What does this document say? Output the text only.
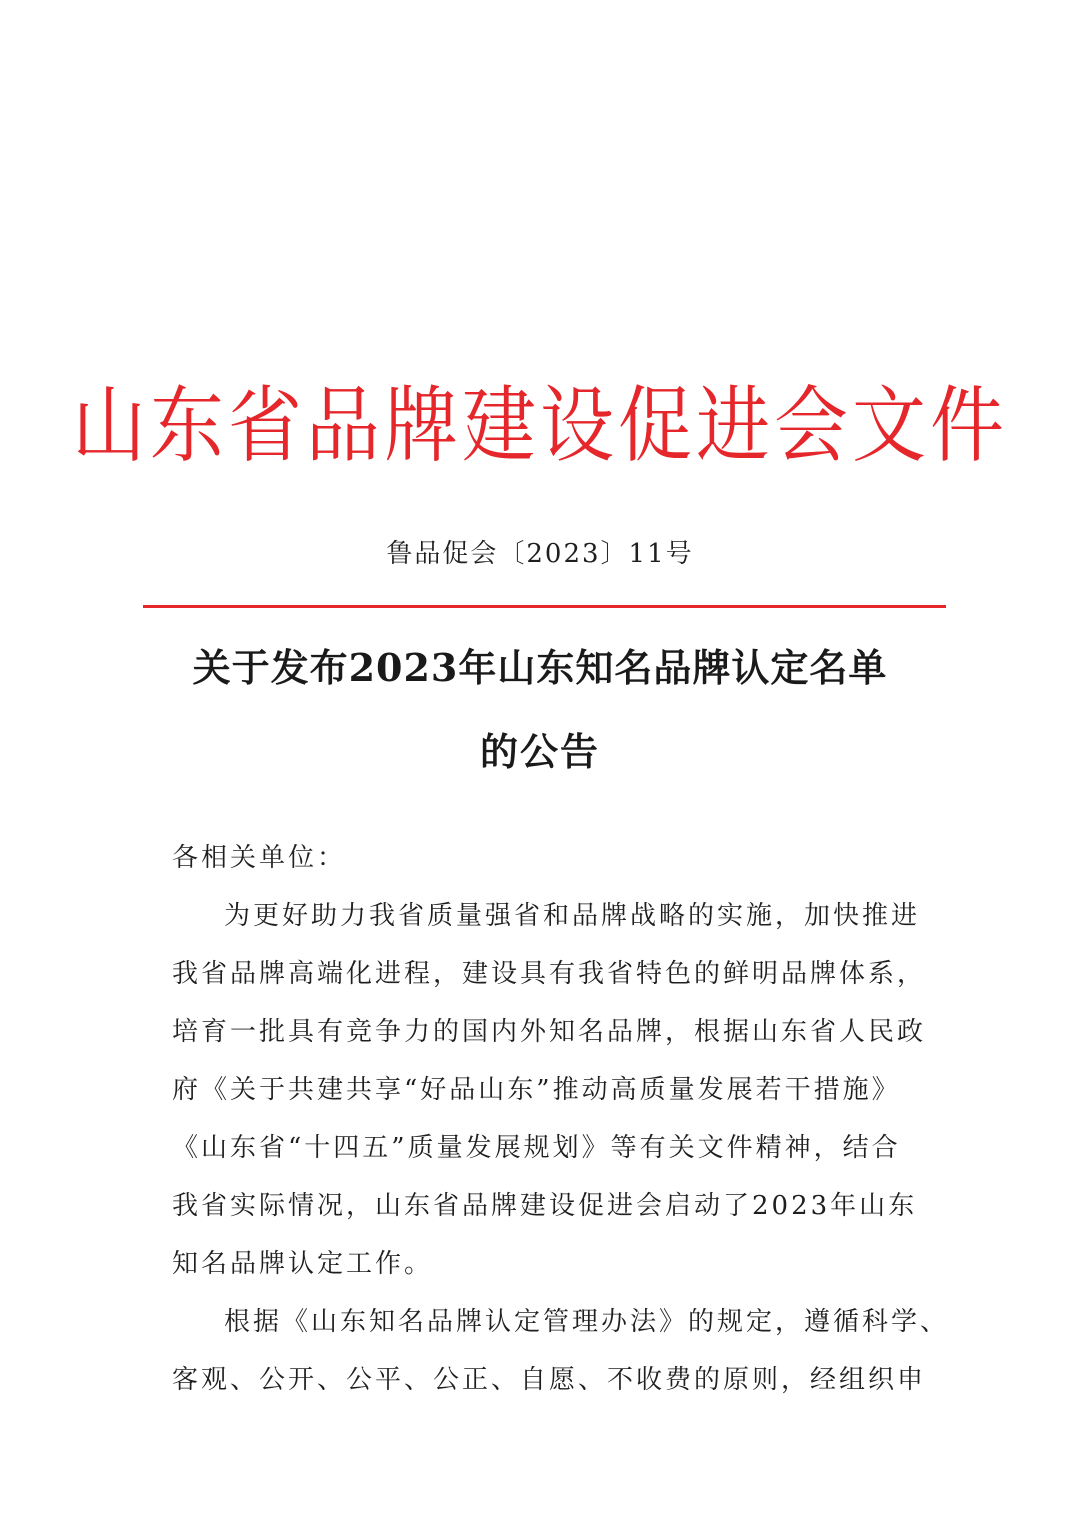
山东省品牌建设促进会文件
鲁品促会〔2023〕11号
关于发布2023年山东知名品牌认定名单
的公告
各相关单位：
为更好助力我省质量强省和品牌战略的实施，加快推进
我省品牌高端化进程，建设具有我省特色的鲜明品牌体系，
培育一批具有竞争力的国内外知名品牌，根据山东省人民政
府《关于共建共享“好品山东”推动高质量发展若干措施》
《山东省“十四五”质量发展规划》等有关文件精神，结合
我省实际情况，山东省品牌建设促进会启动了2023年山东
知名品牌认定工作。
根据《山东知名品牌认定管理办法》的规定，遵循科学、
客观、公开、公平、公正、自愿、不收费的原则，经组织申
